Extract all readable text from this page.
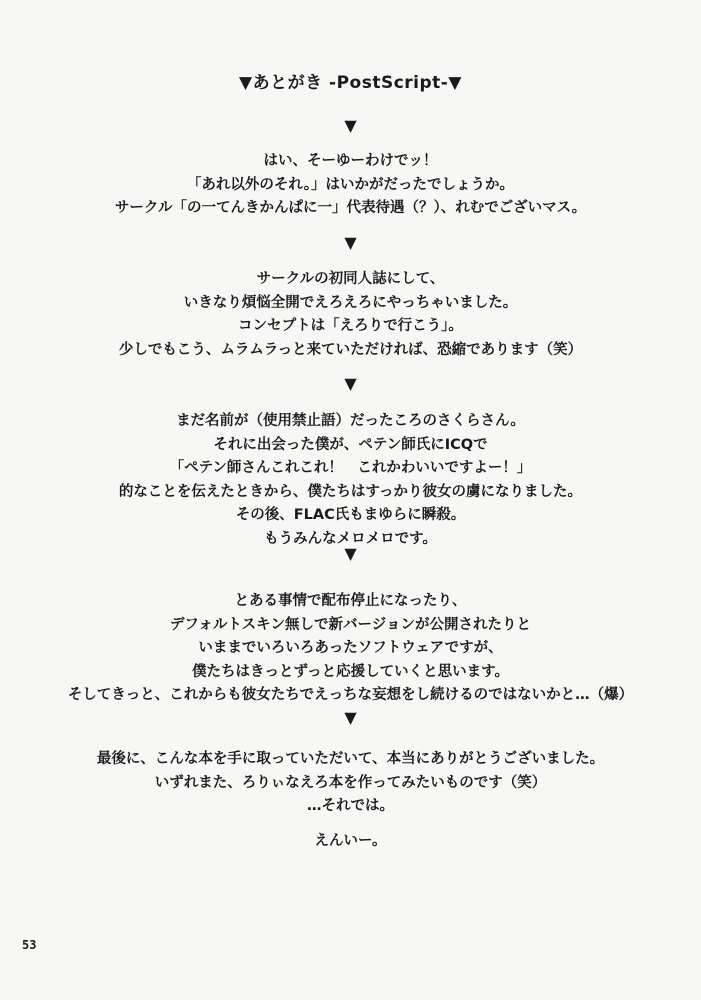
▼あとがき -PostScript-▼
▼
はい、そーゆーわけでッ！
「あれ以外のそれ。」はいかがだったでしょうか。
サークル「の一てんきかんぱに一」代表待遇（？）、れむでございマス。
▼
サークルの初同人誌にして、
いきなり煩悩全開でえろえろにやっちゃいました。
コンセプトは「えろりで行こう」。
少しでもこう、ムラムラっと来ていただければ、恐縮であります（笑）
▼
まだ名前が（使用禁止語）だったころのさくらさん。
それに出会った僕が、ペテン師氏にICQで
「ペテン師さんこれこれ！　これかわいいですよー！」
的なことを伝えたときから、僕たちはすっかり彼女の虜になりました。
その後、FLAC氏もまゆらに瞬殺。
もうみんなメロメロです。
▼
とある事情で配布停止になったり、
デフォルトスキン無しで新バージョンが公開されたりと
いままでいろいろあったソフトウェアですが、
僕たちはきっとずっと応援していくと思います。
そしてきっと、これからも彼女たちでえっちな妄想をし続けるのではないかと…（爆）
▼
最後に、こんな本を手に取っていただいて、本当にありがとうございました。
いずれまた、ろりぃなえろ本を作ってみたいものです（笑）
…それでは。
えんいー。
53
